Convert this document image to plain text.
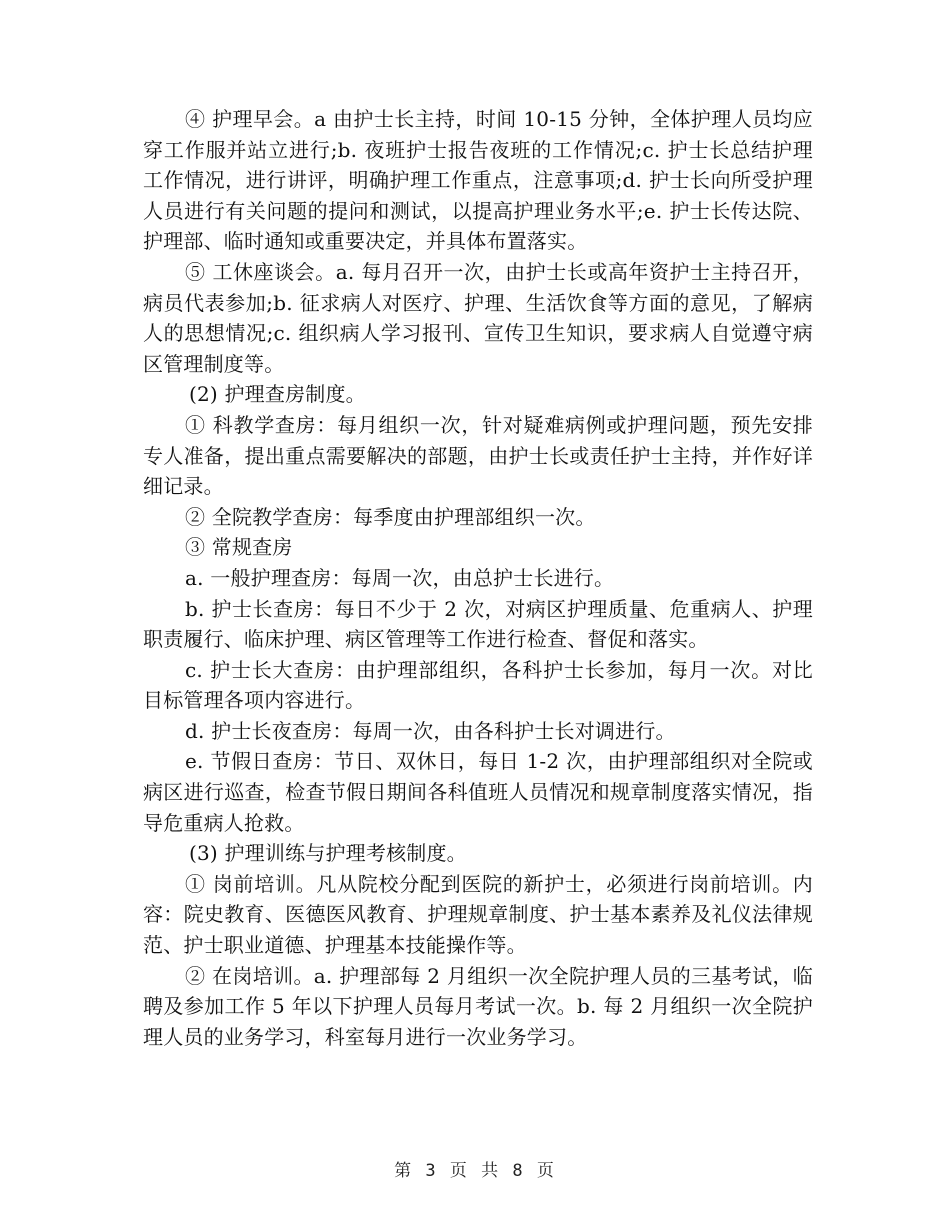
④ 护理早会。a 由护士长主持，时间 10-15 分钟，全体护理人员均应穿工作服并站立进行;b. 夜班护士报告夜班的工作情况;c. 护士长总结护理工作情况，进行讲评，明确护理工作重点，注意事项;d. 护士长向所受护理人员进行有关问题的提问和测试，以提高护理业务水平;e. 护士长传达院、护理部、临时通知或重要决定，并具体布置落实。

⑤ 工休座谈会。a. 每月召开一次，由护士长或高年资护士主持召开，病员代表参加;b. 征求病人对医疗、护理、生活饮食等方面的意见，了解病人的思想情况;c. 组织病人学习报刊、宣传卫生知识，要求病人自觉遵守病区管理制度等。

(2) 护理查房制度。

① 科教学查房：每月组织一次，针对疑难病例或护理问题，预先安排专人准备，提出重点需要解决的部题，由护士长或责任护士主持，并作好详细记录。

② 全院教学查房：每季度由护理部组织一次。

③ 常规查房

a. 一般护理查房：每周一次，由总护士长进行。

b. 护士长查房：每日不少于 2 次，对病区护理质量、危重病人、护理职责履行、临床护理、病区管理等工作进行检查、督促和落实。

c. 护士长大查房：由护理部组织，各科护士长参加，每月一次。对比目标管理各项内容进行。

d. 护士长夜查房：每周一次，由各科护士长对调进行。

e. 节假日查房：节日、双休日，每日 1-2 次，由护理部组织对全院或病区进行巡查，检查节假日期间各科值班人员情况和规章制度落实情况，指导危重病人抢救。

(3) 护理训练与护理考核制度。

① 岗前培训。凡从院校分配到医院的新护士，必须进行岗前培训。内容：院史教育、医德医风教育、护理规章制度、护士基本素养及礼仪法律规范、护士职业道德、护理基本技能操作等。

② 在岗培训。a. 护理部每 2 月组织一次全院护理人员的三基考试，临聘及参加工作 5 年以下护理人员每月考试一次。b. 每 2 月组织一次全院护理人员的业务学习，科室每月进行一次业务学习。

第 3 页 共 8 页
